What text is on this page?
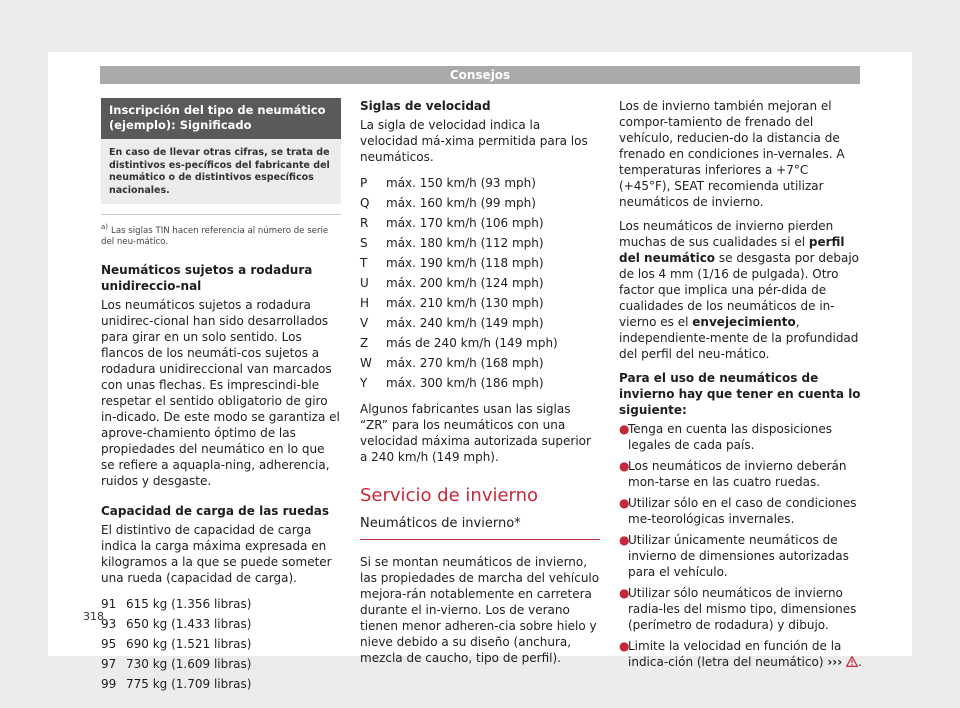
Consejos
Inscripción del tipo de neumático (ejemplo): Significado
En caso de llevar otras cifras, se trata de distintivos es-pecíficos del fabricante del neumático o de distintivos específicos nacionales.
$^{a)}$ Las siglas TIN hacen referencia al número de serie del neu-mático.
Neumáticos sujetos a rodadura unidireccio-nal

Los neumáticos sujetos a rodadura unidirec-cional han sido desarrollados para girar en un solo sentido. Los flancos de los neumáti-cos sujetos a rodadura unidireccional van marcados con unas flechas. Es imprescindi-ble respetar el sentido obligatorio de giro in-dicado. De este modo se garantiza el aprove-chamiento óptimo de las propiedades del neumático en lo que se refiere a aquapla-ning, adherencia, ruidos y desgaste.

Capacidad de carga de las ruedas

El distintivo de capacidad de carga indica la carga máxima expresada en kilogramos a la que se puede someter una rueda (capacidad de carga).

91 615 kg (1.356 libras)
93 650 kg (1.433 libras)
95 690 kg (1.521 libras)
97 730 kg (1.609 libras)
99 775 kg (1.709 libras)
Siglas de velocidad

La sigla de velocidad indica la velocidad má-xima permitida para los neumáticos.

P	máx. 150 km/h (93 mph)
Q	máx. 160 km/h (99 mph)
R	máx. 170 km/h (106 mph)
S	máx. 180 km/h (112 mph)
T	máx. 190 km/h (118 mph)
U	máx. 200 km/h (124 mph)
H	máx. 210 km/h (130 mph)
V	máx. 240 km/h (149 mph)
Z	más de 240 km/h (149 mph)
W	máx. 270 km/h (168 mph)
Y	máx. 300 km/h (186 mph)

Algunos fabricantes usan las siglas “ZR” para los neumáticos con una velocidad máxima autorizada superior a 240 km/h (149 mph).

Servicio de invierno
Neumáticos de invierno*

Si se montan neumáticos de invierno, las propiedades de marcha del vehículo mejora-rán notablemente en carretera durante el in-vierno. Los de verano tienen menor adheren-cia sobre hielo y nieve debido a su diseño (anchura, mezcla de caucho, tipo de perfil).

Los de invierno también mejoran el compor-tamiento de frenado del vehículo, reducien-do la distancia de frenado en condiciones in-vernales. A temperaturas inferiores a +7°C (+45°F), SEAT recomienda utilizar neumáticos de invierno.

Los neumáticos de invierno pierden muchas de sus cualidades si el perfil del neumático se desgasta por debajo de los 4 mm (1/16 de pulgada). Otro factor que implica una pér-dida de cualidades de los neumáticos de in-vierno es el envejecimiento, independiente-mente de la profundidad del perfil del neu-mático.

Para el uso de neumáticos de invierno hay que tener en cuenta lo siguiente:
●
Tenga en cuenta las disposiciones legales de cada país.
●
Los neumáticos de invierno deberán mon-tarse en las cuatro ruedas.
●
Utilizar sólo en el caso de condiciones me-teorológicas invernales.
●
Utilizar únicamente neumáticos de invierno de dimensiones autorizadas para el vehículo.
●
Utilizar sólo neumáticos de invierno radia-les del mismo tipo, dimensiones (perímetro de rodadura) y dibujo.
●
Limite la velocidad en función de la indica-ción (letra del neumático) ››› .
318
